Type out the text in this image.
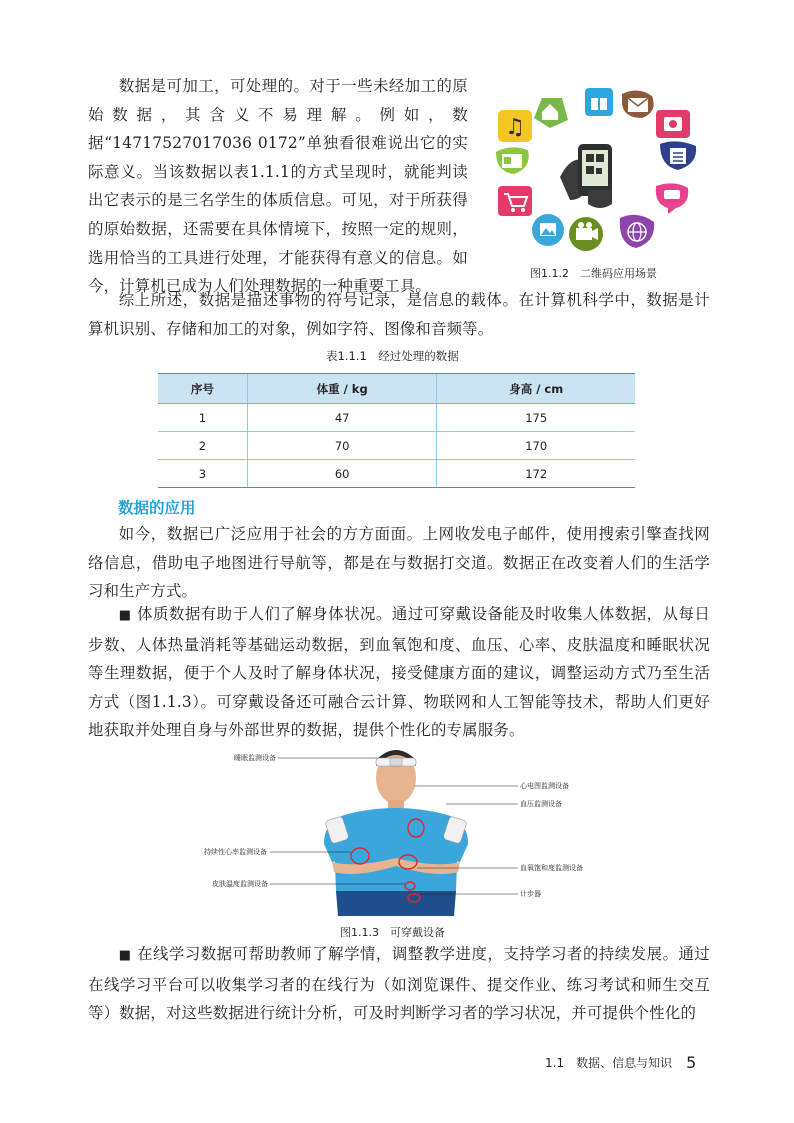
数据是可加工，可处理的。对于一些未经加工的原始数据，其含义不易理解。例如，数据“14717527017036 0172”单独看很难说出它的实际意义。当该数据以表1.1.1的方式呈现时，就能判读出它表示的是三名学生的体质信息。可见，对于所获得的原始数据，还需要在具体情境下，按照一定的规则，选用恰当的工具进行处理，才能获得有意义的信息。如今，计算机已成为人们处理数据的一种重要工具。

♫
图1.1.2　二维码应用场景

综上所述，数据是描述事物的符号记录，是信息的载体。在计算机科学中，数据是计算机识别、存储和加工的对象，例如字符、图像和音频等。

表1.1.1　经过处理的数据
序号	体重 / kg	身高 / cm
1	47	175
2	70	170
3	60	172
数据的应用

如今，数据已广泛应用于社会的方方面面。上网收发电子邮件，使用搜索引擎查找网络信息，借助电子地图进行导航等，都是在与数据打交道。数据正在改变着人们的生活学习和生产方式。

■ 体质数据有助于人们了解身体状况。通过可穿戴设备能及时收集人体数据，从每日步数、人体热量消耗等基础运动数据，到血氧饱和度、血压、心率、皮肤温度和睡眠状况等生理数据，便于个人及时了解身体状况，接受健康方面的建议，调整运动方式乃至生活方式（图1.1.3）。可穿戴设备还可融合云计算、物联网和人工智能等技术，帮助人们更好地获取并处理自身与外部世界的数据，提供个性化的专属服务。

睡眠监测设备
心电图监测设备
血压监测设备
持续性心率监测设备
血氧饱和度监测设备
皮肤温度监测设备
计步器
图1.1.3　可穿戴设备

■ 在线学习数据可帮助教师了解学情，调整教学进度，支持学习者的持续发展。通过在线学习平台可以收集学习者的在线行为（如浏览课件、提交作业、练习考试和师生交互等）数据，对这些数据进行统计分析，可及时判断学习者的学习状况，并可提供个性化的

1.1　数据、信息与知识 5
